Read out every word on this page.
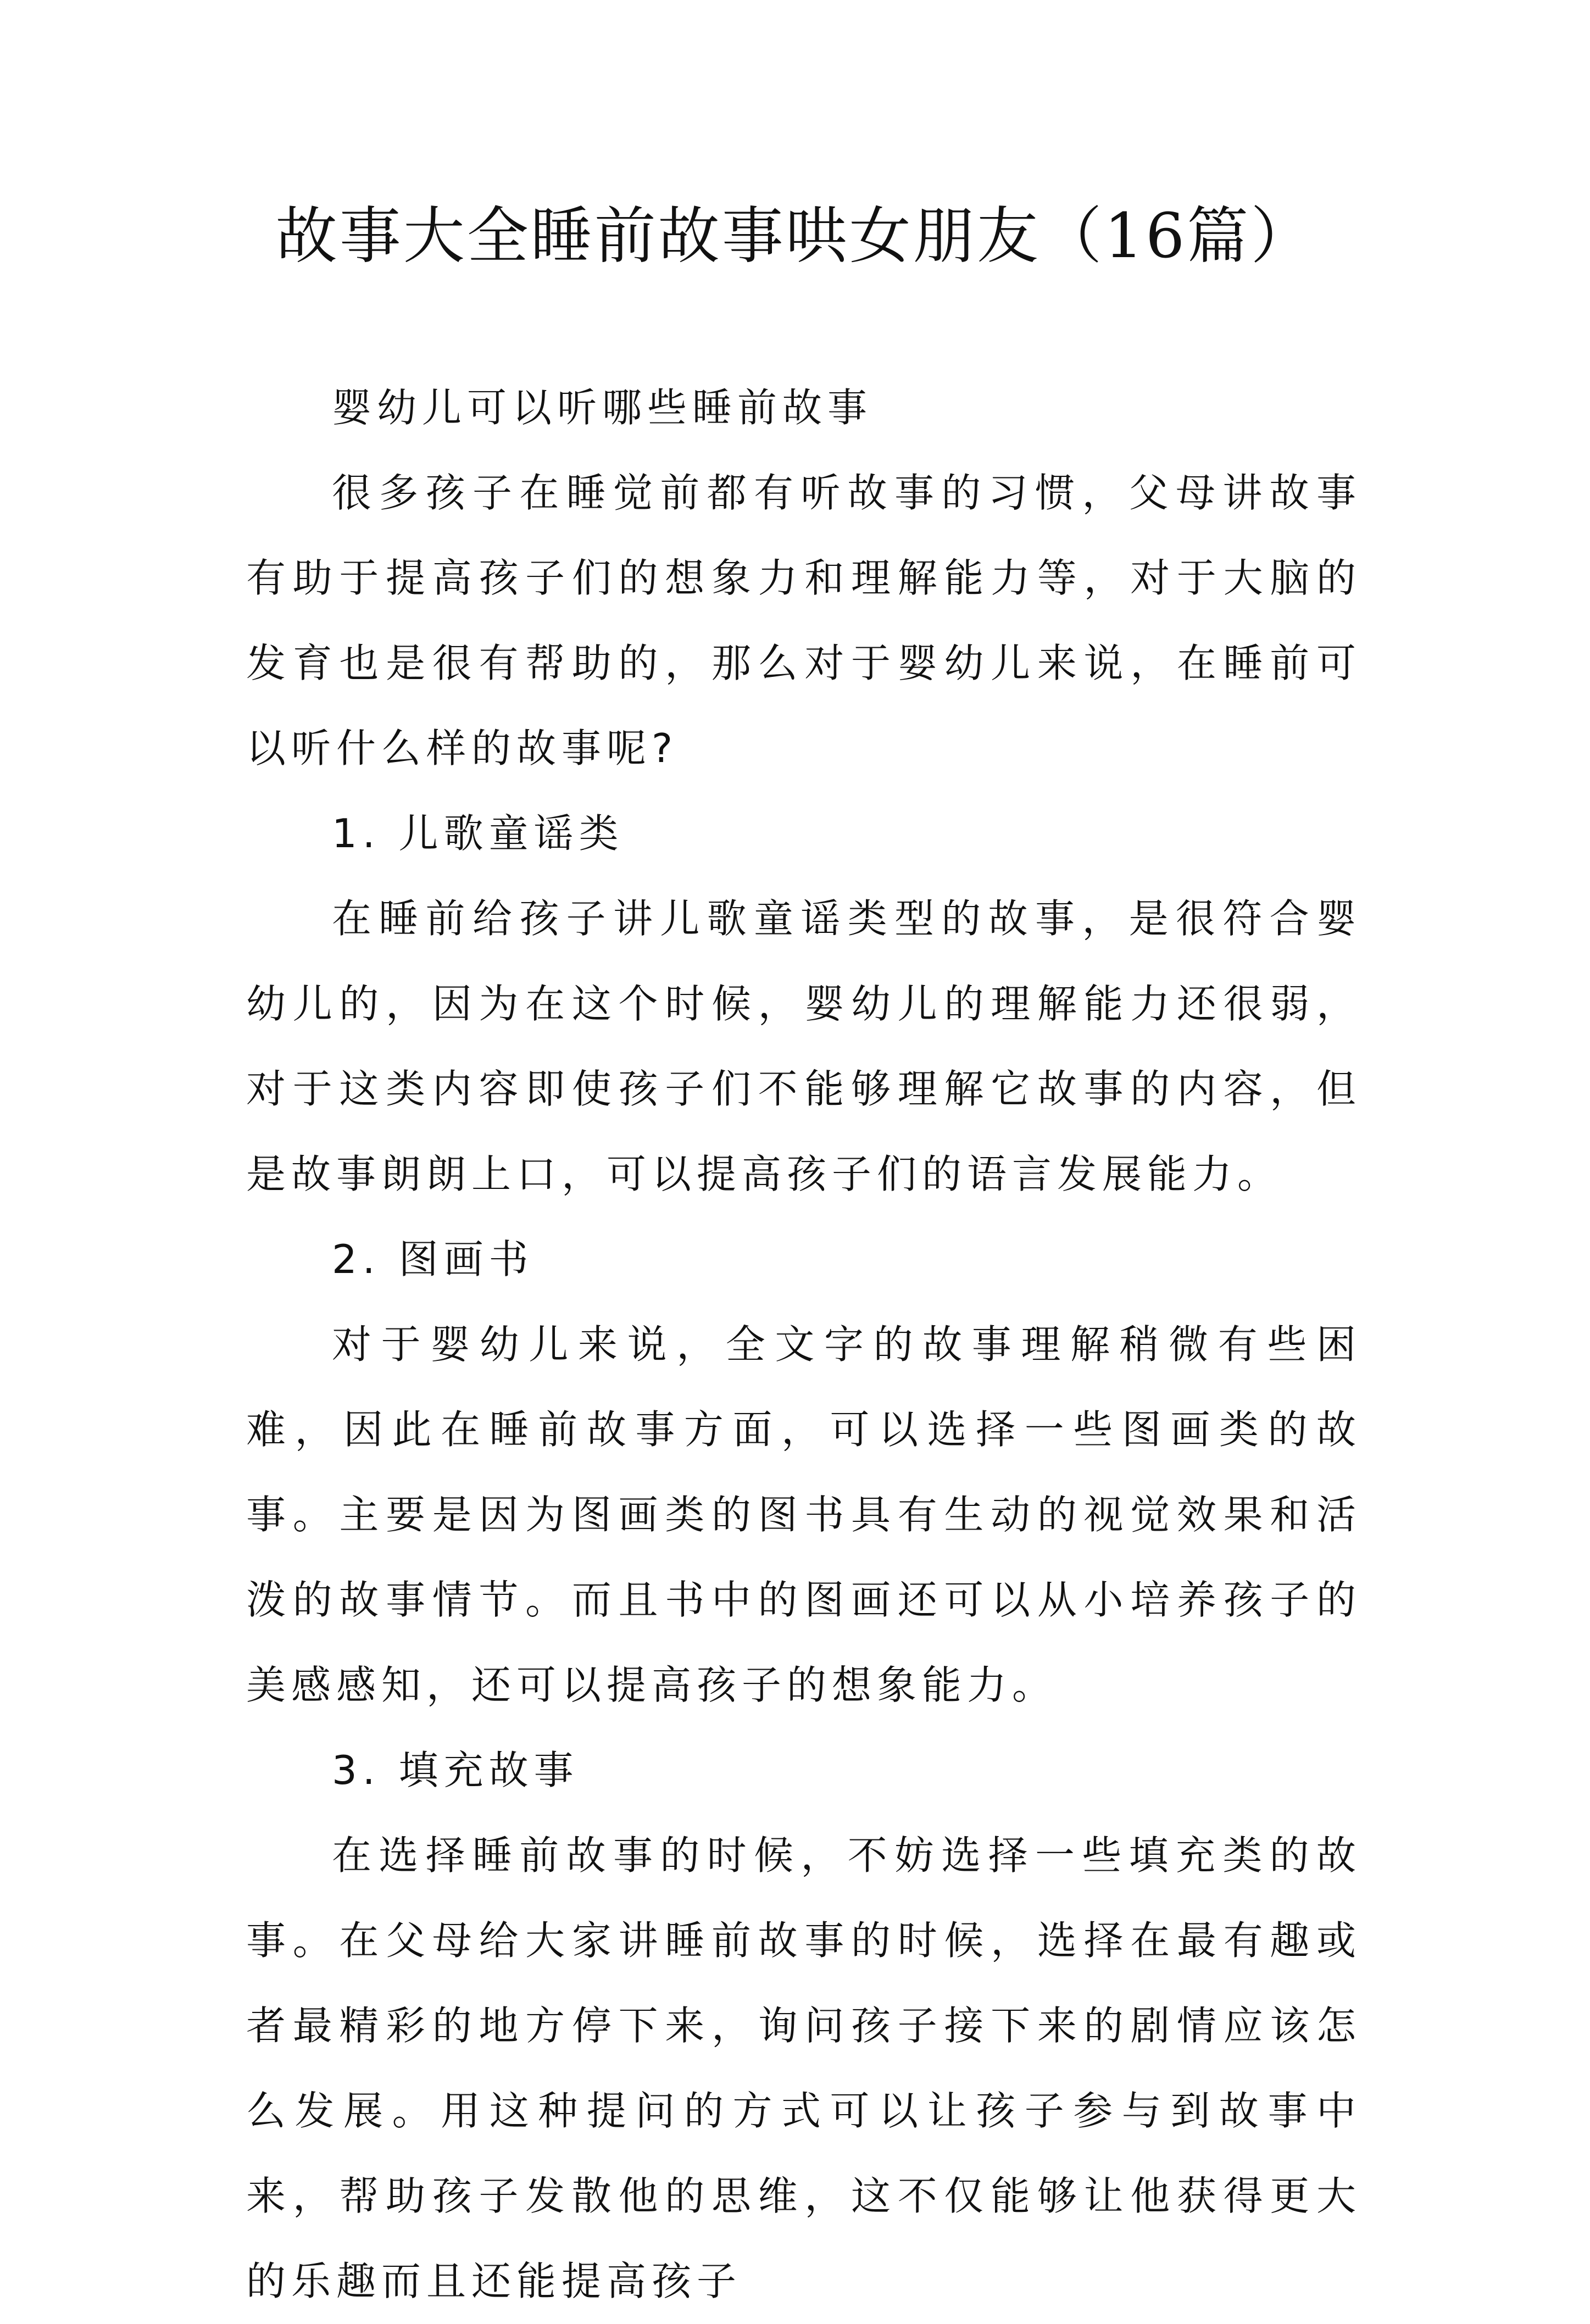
故事大全睡前故事哄女朋友（16篇）

婴幼儿可以听哪些睡前故事

很多孩子在睡觉前都有听故事的习惯，父母讲故事有助于提高孩子们的想象力和理解能力等，对于大脑的发育也是很有帮助的，那么对于婴幼儿来说，在睡前可以听什么样的故事呢?

1. 儿歌童谣类

在睡前给孩子讲儿歌童谣类型的故事，是很符合婴幼儿的，因为在这个时候，婴幼儿的理解能力还很弱，对于这类内容即使孩子们不能够理解它故事的内容，但是故事朗朗上口，可以提高孩子们的语言发展能力。

2. 图画书

对于婴幼儿来说，全文字的故事理解稍微有些困难，因此在睡前故事方面，可以选择一些图画类的故事。主要是因为图画类的图书具有生动的视觉效果和活泼的故事情节。而且书中的图画还可以从小培养孩子的美感感知，还可以提高孩子的想象能力。

3. 填充故事

在选择睡前故事的时候，不妨选择一些填充类的故事。在父母给大家讲睡前故事的时候，选择在最有趣或者最精彩的地方停下来，询问孩子接下来的剧情应该怎么发展。用这种提问的方式可以让孩子参与到故事中来，帮助孩子发散他的思维，这不仅能够让他获得更大的乐趣而且还能提高孩子
